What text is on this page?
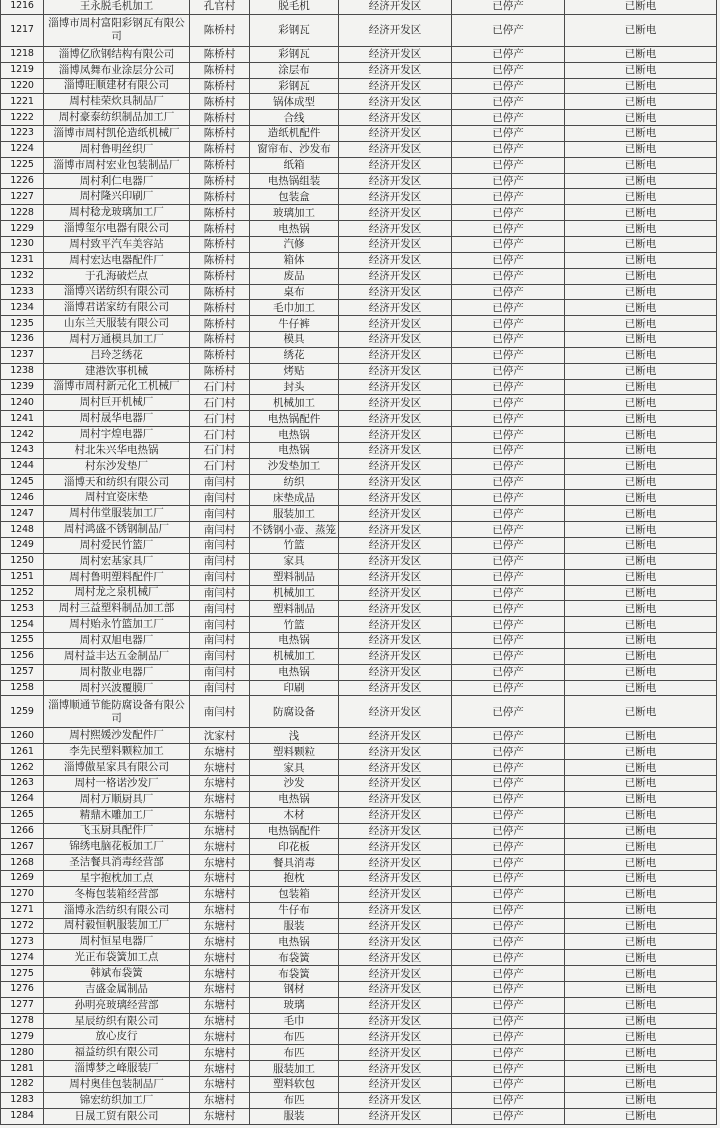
1216	王永脱毛机加工	孔官村	脱毛机	经济开发区	已停产	已断电
1217	淄博市周村富阳彩钢瓦有限公司	陈桥村	彩钢瓦	经济开发区	已停产	已断电
1218	淄博亿欣钢结构有限公司	陈桥村	彩钢瓦	经济开发区	已停产	已断电
1219	淄博凤舞布业涂层分公司	陈桥村	涂层布	经济开发区	已停产	已断电
1220	淄博旺顺建材有限公司	陈桥村	彩钢瓦	经济开发区	已停产	已断电
1221	周村桂荣炊具制品厂	陈桥村	锅体成型	经济开发区	已停产	已断电
1222	周村豪泰纺织制品加工厂	陈桥村	合线	经济开发区	已停产	已断电
1223	淄博市周村凯伦造纸机械厂	陈桥村	造纸机配件	经济开发区	已停产	已断电
1224	周村鲁明丝织厂	陈桥村	窗帘布、沙发布	经济开发区	已停产	已断电
1225	淄博市周村宏业包装制品厂	陈桥村	纸箱	经济开发区	已停产	已断电
1226	周村利仁电器厂	陈桥村	电热锅组装	经济开发区	已停产	已断电
1227	周村隆兴印刷厂	陈桥村	包装盒	经济开发区	已停产	已断电
1228	周村稔龙玻璃加工厂	陈桥村	玻璃加工	经济开发区	已停产	已断电
1229	淄博玺尔电器有限公司	陈桥村	电热锅	经济开发区	已停产	已断电
1230	周村致平汽车美容站	陈桥村	汽修	经济开发区	已停产	已断电
1231	周村宏达电器配件厂	陈桥村	箱体	经济开发区	已停产	已断电
1232	于孔海破烂点	陈桥村	废品	经济开发区	已停产	已断电
1233	淄博兴诺纺织有限公司	陈桥村	桌布	经济开发区	已停产	已断电
1234	淄博君诺家纺有限公司	陈桥村	毛巾加工	经济开发区	已停产	已断电
1235	山东兰天服装有限公司	陈桥村	牛仔裤	经济开发区	已停产	已断电
1236	周村万通模具加工厂	陈桥村	模具	经济开发区	已停产	已断电
1237	吕玲芝绣花	陈桥村	绣花	经济开发区	已停产	已断电
1238	建港饮事机械	陈桥村	烤贴	经济开发区	已停产	已断电
1239	淄博市周村新元化工机械厂	石门村	封头	经济开发区	已停产	已断电
1240	周村巨开机械厂	石门村	机械加工	经济开发区	已停产	已断电
1241	周村晟华电器厂	石门村	电热锅配件	经济开发区	已停产	已断电
1242	周村宇煌电器厂	石门村	电热锅	经济开发区	已停产	已断电
1243	村北朱兴华电热锅	石门村	电热锅	经济开发区	已停产	已断电
1244	村东沙发垫厂	石门村	沙发垫加工	经济开发区	已停产	已断电
1245	淄博天和纺织有限公司	南闫村	纺织	经济开发区	已停产	已断电
1246	周村宜姿床垫	南闫村	床垫成品	经济开发区	已停产	已断电
1247	周村伟堂服装加工厂	南闫村	服装加工	经济开发区	已停产	已断电
1248	周村鸿盛不锈钢制品厂	南闫村	不锈钢小壶、蒸笼	经济开发区	已停产	已断电
1249	周村爱民竹篮厂	南闫村	竹篮	经济开发区	已停产	已断电
1250	周村宏基家具厂	南闫村	家具	经济开发区	已停产	已断电
1251	周村鲁明塑料配件厂	南闫村	塑料制品	经济开发区	已停产	已断电
1252	周村龙之泉机械厂	南闫村	机械加工	经济开发区	已停产	已断电
1253	周村三益塑料制品加工部	南闫村	塑料制品	经济开发区	已停产	已断电
1254	周村贻永竹篮加工厂	南闫村	竹篮	经济开发区	已停产	已断电
1255	周村双旭电器厂	南闫村	电热锅	经济开发区	已停产	已断电
1256	周村益丰达五金制品厂	南闫村	机械加工	经济开发区	已停产	已断电
1257	周村散业电器厂	南闫村	电热锅	经济开发区	已停产	已断电
1258	周村兴波覆膜厂	南闫村	印刷	经济开发区	已停产	已断电
1259	淄博顺通节能防腐设备有限公司	南闫村	防腐设备	经济开发区	已停产	已断电
1260	周村熙媛沙发配件厂	沈家村	浅	经济开发区	已停产	已断电
1261	李先民塑料颗粒加工	东塘村	塑料颗粒	经济开发区	已停产	已断电
1262	淄博傲星家具有限公司	东塘村	家具	经济开发区	已停产	已断电
1263	周村一格诺沙发厂	东塘村	沙发	经济开发区	已停产	已断电
1264	周村万顺厨具厂	东塘村	电热锅	经济开发区	已停产	已断电
1265	精鼎木雕加工厂	东塘村	木材	经济开发区	已停产	已断电
1266	飞玉厨具配件厂	东塘村	电热锅配件	经济开发区	已停产	已断电
1267	锦绣电脑花板加工厂	东塘村	印花板	经济开发区	已停产	已断电
1268	圣洁餐具消毒经营部	东塘村	餐具消毒	经济开发区	已停产	已断电
1269	星宇抱枕加工点	东塘村	抱枕	经济开发区	已停产	已断电
1270	冬梅包装箱经营部	东塘村	包装箱	经济开发区	已停产	已断电
1271	淄博永浩纺织有限公司	东塘村	牛仔布	经济开发区	已停产	已断电
1272	周村毅恒帆服装加工厂	东塘村	服装	经济开发区	已停产	已断电
1273	周村恒星电器厂	东塘村	电热锅	经济开发区	已停产	已断电
1274	光正布袋簧加工点	东塘村	布袋簧	经济开发区	已停产	已断电
1275	韩斌布袋簧	东塘村	布袋簧	经济开发区	已停产	已断电
1276	吉盛金属制品	东塘村	钢材	经济开发区	已停产	已断电
1277	孙明亮玻璃经营部	东塘村	玻璃	经济开发区	已停产	已断电
1278	星辰纺织有限公司	东塘村	毛巾	经济开发区	已停产	已断电
1279	放心皮行	东塘村	布匹	经济开发区	已停产	已断电
1280	福益纺织有限公司	东塘村	布匹	经济开发区	已停产	已断电
1281	淄博梦之峰服装厂	东塘村	服装加工	经济开发区	已停产	已断电
1282	周村奥佳包装制品厂	东塘村	塑料软包	经济开发区	已停产	已断电
1283	锦宏纺织加工厂	东塘村	布匹	经济开发区	已停产	已断电
1284	日晟工贸有限公司	东塘村	服装	经济开发区	已停产	已断电
